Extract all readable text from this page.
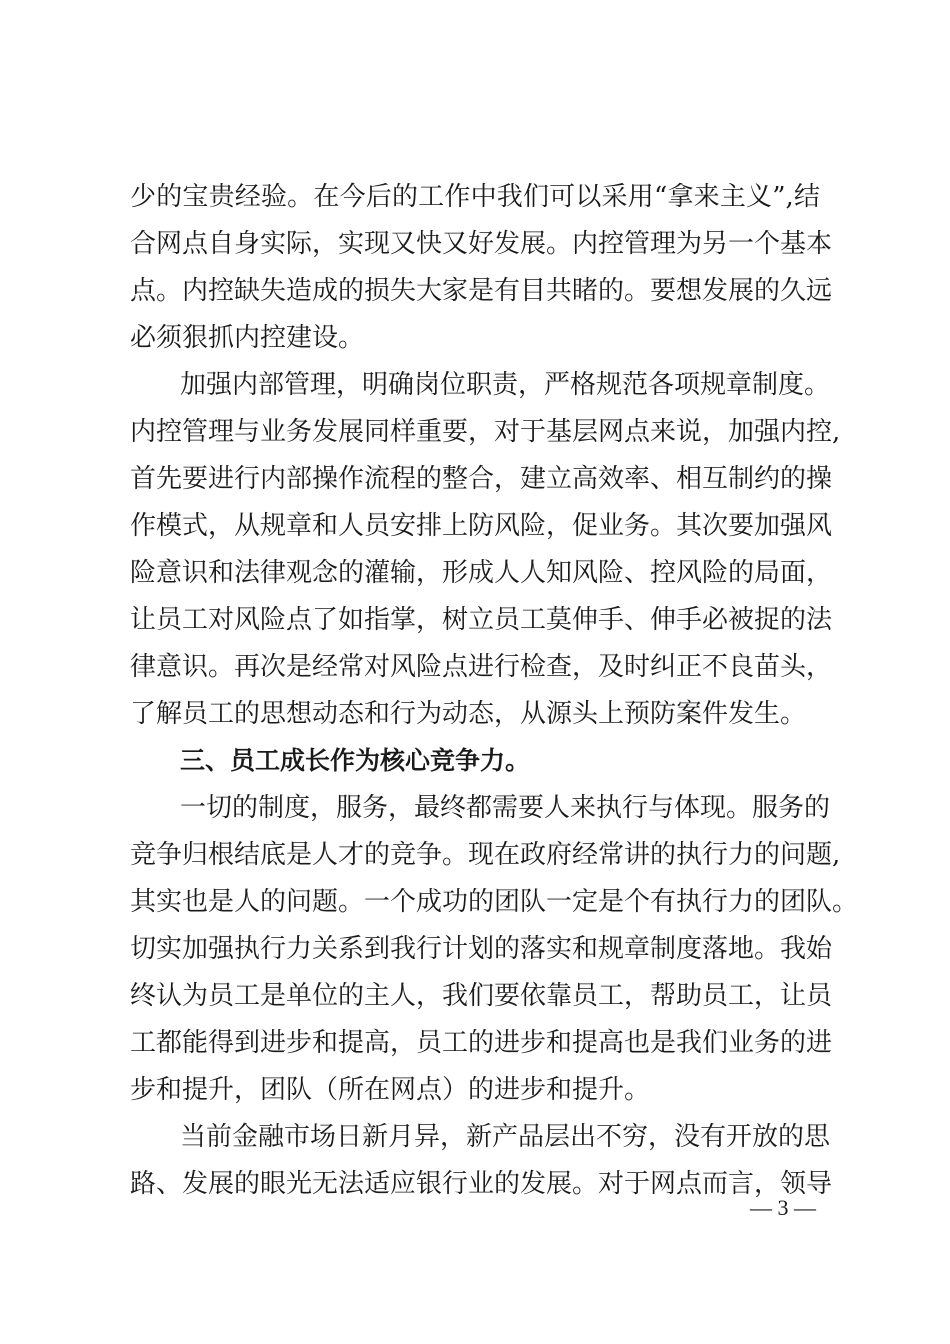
少的宝贵经验。在今后的工作中我们可以采用“拿来主义”,结
合网点自身实际，实现又快又好发展。内控管理为另一个基本
点。内控缺失造成的损失大家是有目共睹的。要想发展的久远
必须狠抓内控建设。
加强内部管理，明确岗位职责，严格规范各项规章制度。
内控管理与业务发展同样重要，对于基层网点来说，加强内控,
首先要进行内部操作流程的整合，建立高效率、相互制约的操
作模式，从规章和人员安排上防风险，促业务。其次要加强风
险意识和法律观念的灌输，形成人人知风险、控风险的局面，
让员工对风险点了如指掌，树立员工莫伸手、伸手必被捉的法
律意识。再次是经常对风险点进行检查，及时纠正不良苗头，
了解员工的思想动态和行为动态，从源头上预防案件发生。
三、员工成长作为核心竞争力。
一切的制度，服务，最终都需要人来执行与体现。服务的
竞争归根结底是人才的竞争。现在政府经常讲的执行力的问题,
其实也是人的问题。一个成功的团队一定是个有执行力的团队。
切实加强执行力关系到我行计划的落实和规章制度落地。我始
终认为员工是单位的主人，我们要依靠员工，帮助员工，让员
工都能得到进步和提高，员工的进步和提高也是我们业务的进
步和提升，团队（所在网点）的进步和提升。
当前金融市场日新月异，新产品层出不穷，没有开放的思
路、发展的眼光无法适应银行业的发展。对于网点而言，领导
— 3 —
